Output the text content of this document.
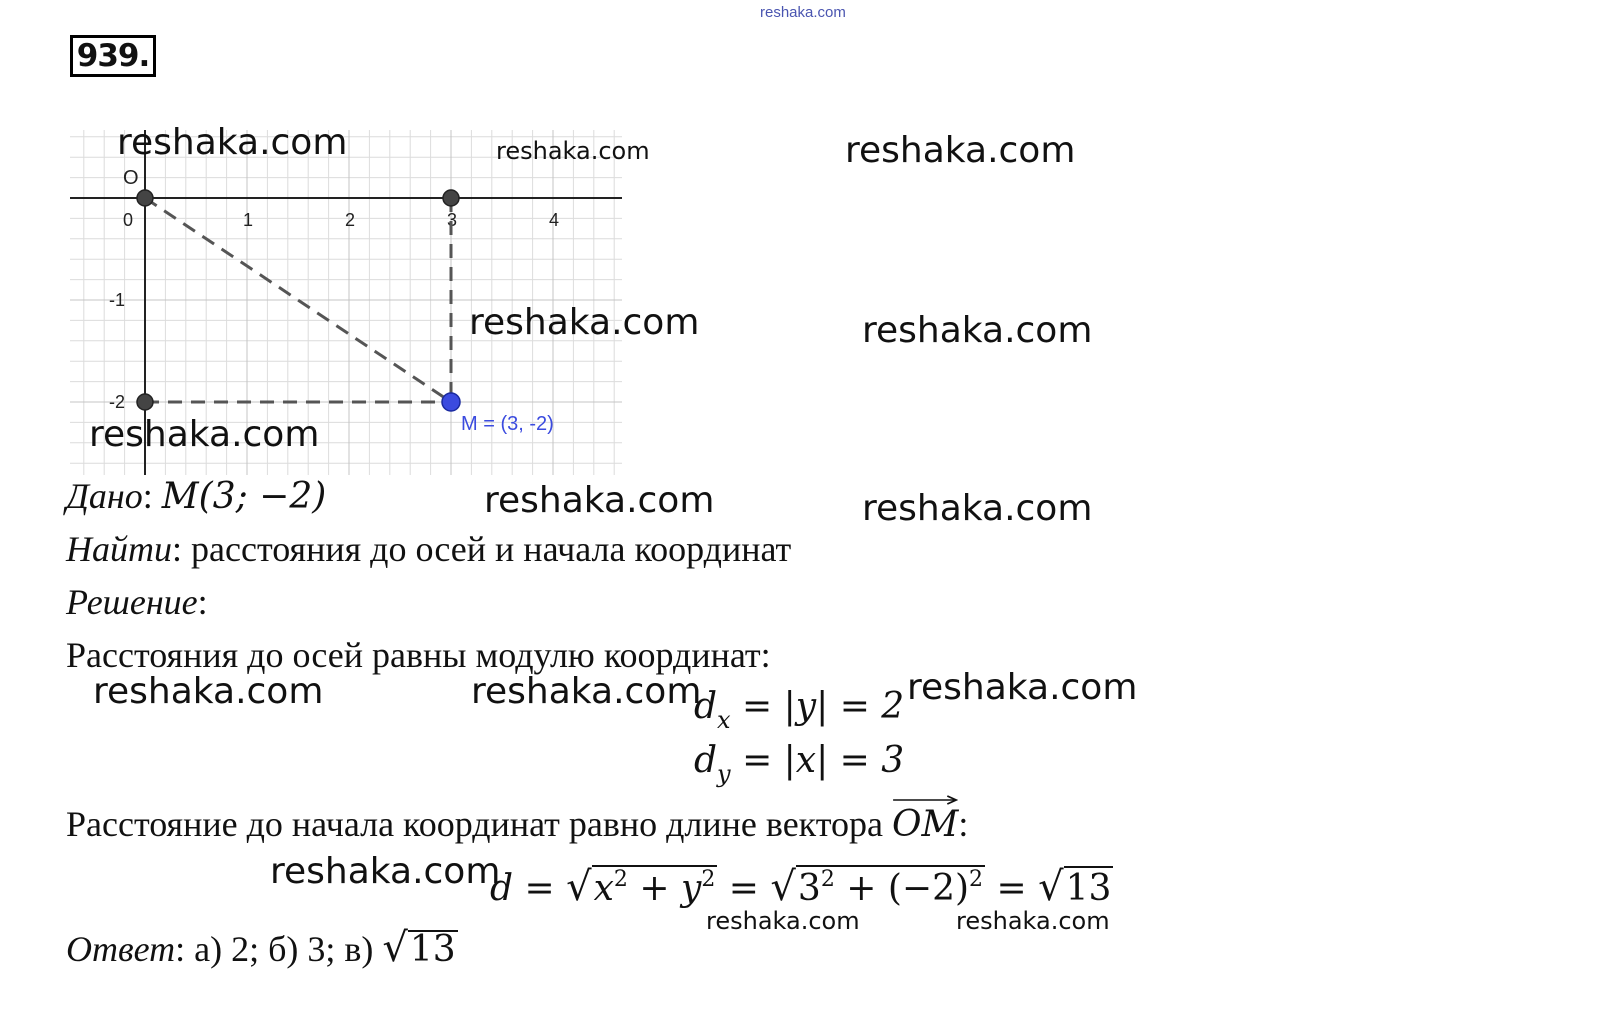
reshaka.com
939.
0	1	2	3	4
-1
-2
O
M = (3, -2)
reshaka.com	reshaka.com	reshaka.com
reshaka.com	reshaka.com
reshaka.com
reshaka.com	reshaka.com
reshaka.com	reshaka.com	reshaka.com
reshaka.com
reshaka.com	reshaka.com
Дано: M(3; −2)
Найти: расстояния до осей и начала координат
Решение:
Расстояния до осей равны модулю координат:
$d_x = |y| = 2$
$d_y = |x| = 3$
Расстояние до начала координат равно длине вектора OM:
$d = √x^2 + y^2 = √3^2 + (-2)^2 = √13$
Ответ: а) 2; б) 3; в) √13
